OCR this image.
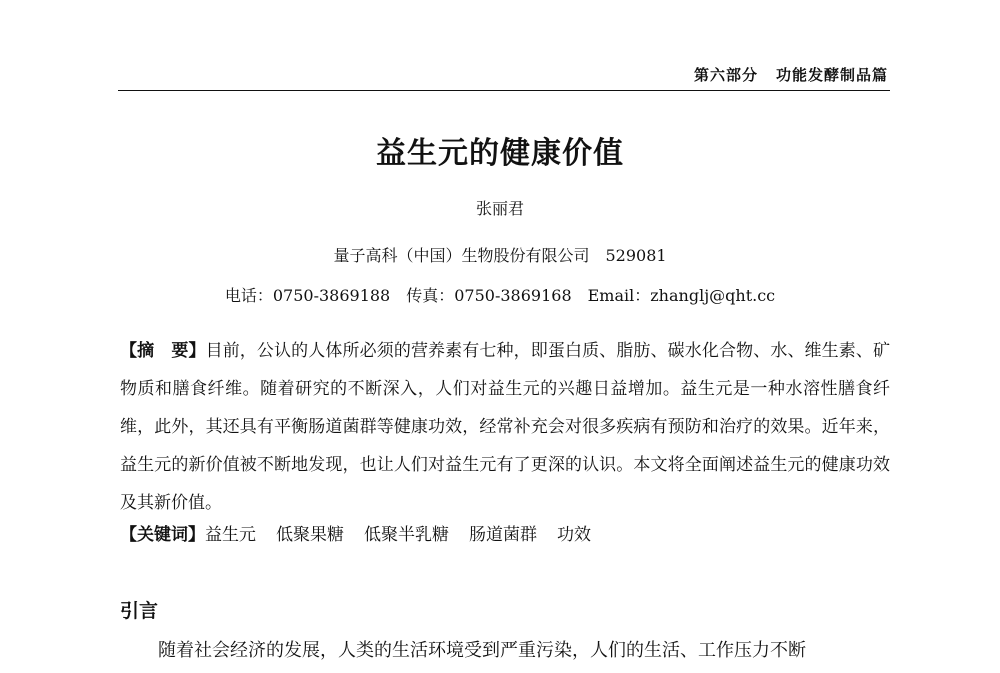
第六部分 功能发酵制品篇
益生元的健康价值
张丽君
量子高科（中国）生物股份有限公司 529081
电话：0750-3869188 传真：0750-3869168 Email：zhanglj@qht.cc
【摘　要】目前，公认的人体所必须的营养素有七种，即蛋白质、脂肪、碳水化合物、水、维生素、矿物质和膳食纤维。随着研究的不断深入，人们对益生元的兴趣日益增加。益生元是一种水溶性膳食纤维，此外，其还具有平衡肠道菌群等健康功效，经常补充会对很多疾病有预防和治疗的效果。近年来，益生元的新价值被不断地发现，也让人们对益生元有了更深的认识。本文将全面阐述益生元的健康功效及其新价值。
【关键词】益生元 低聚果糖 低聚半乳糖 肠道菌群 功效
引言
随着社会经济的发展，人类的生活环境受到严重污染，人们的生活、工作压力不断
